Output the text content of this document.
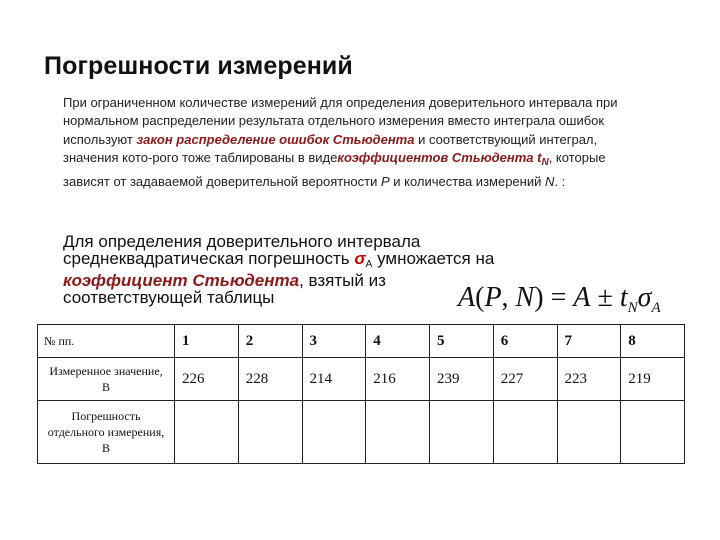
Погрешности измерений
При ограниченном количестве измерений для определения доверительного интервала при нормальном распределении результата отдельного измерения вместо интеграла ошибок используют закон распределение ошибок Стьюдента и соответствующий интеграл, значения кото-рого тоже таблированы в видекоэффициентов Стьюдента $t_N$, которые зависят от задаваемой доверительной вероятности P и количества измерений N. :
Для определения доверительного интервала среднеквадратическая погрешность $\sigma_A$ умножается на коэффициент Стьюдента, взятый из соответствующей таблицы	A(P, $N) = A \pm t_N\sigma_A$
№ пп.	1	2	3	4	5	6	7	8
Измеренное значение, В	226	228	214	216	239	227	223	219
Погрешность отдельного измерения, В								
